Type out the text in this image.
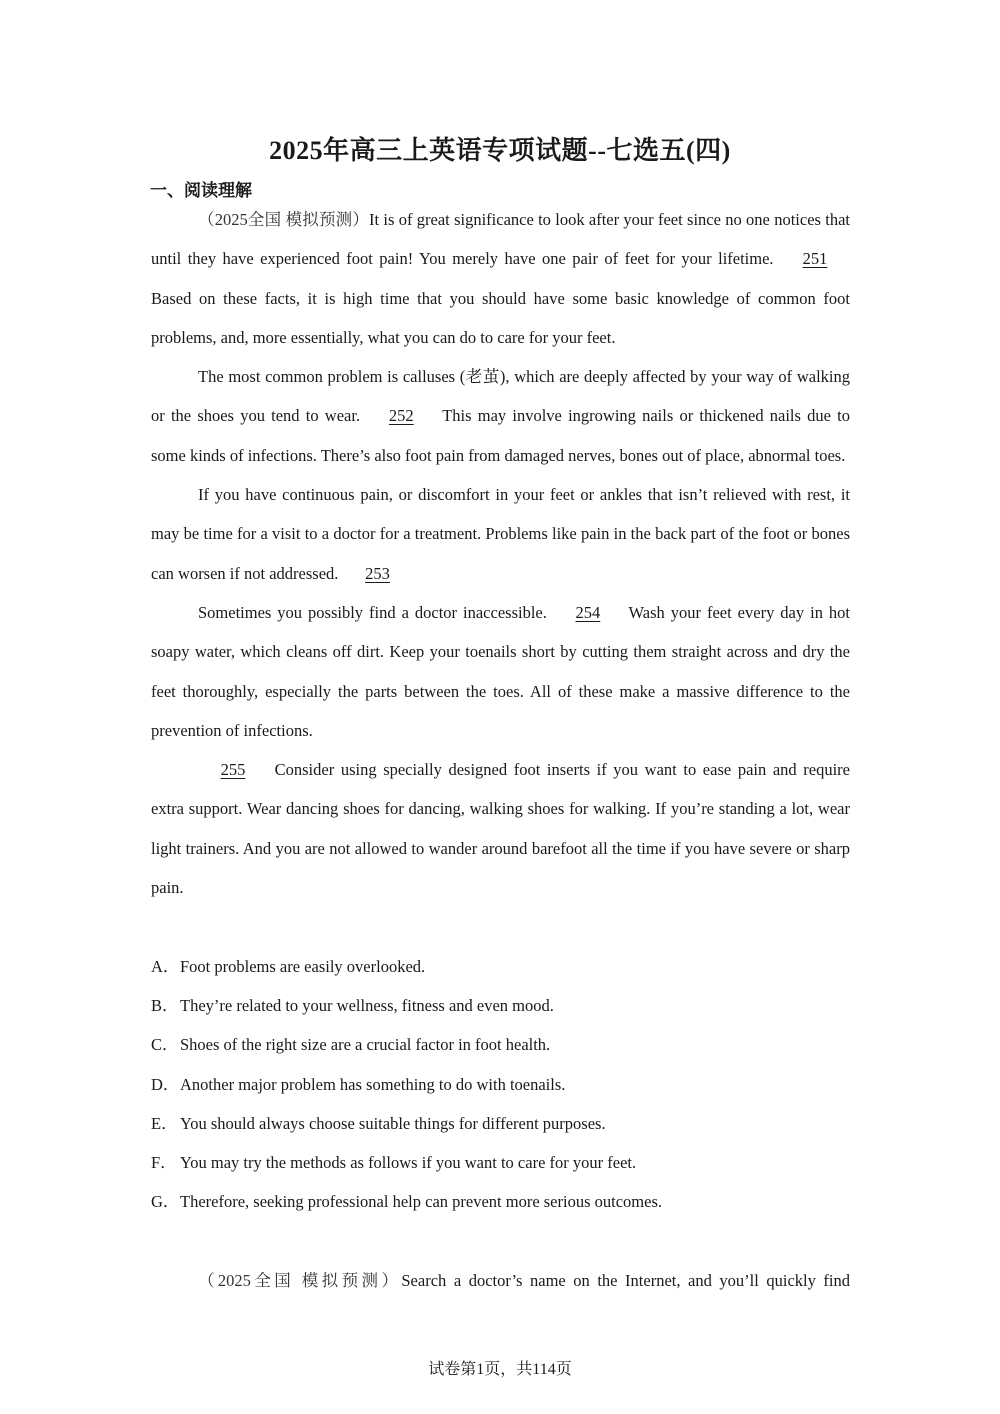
2025年高三上英语专项试题--七选五(四)
一、阅读理解

（2025全国 模拟预测）It is of great significance to look after your feet since no one notices that until they have experienced foot pain! You merely have one pair of feet for your lifetime. 251 Based on these facts, it is high time that you should have some basic knowledge of common foot problems, and, more essentially, what you can do to care for your feet.

The most common problem is calluses (老茧), which are deeply affected by your way of walking or the shoes you tend to wear. 252 This may involve ingrowing nails or thickened nails due to some kinds of infections. There’s also foot pain from damaged nerves, bones out of place, abnormal toes.

If you have continuous pain, or discomfort in your feet or ankles that isn’t relieved with rest, it may be time for a visit to a doctor for a treatment. Problems like pain in the back part of the foot or bones can worsen if not addressed. 253

Sometimes you possibly find a doctor inaccessible. 254 Wash your feet every day in hot soapy water, which cleans off dirt. Keep your toenails short by cutting them straight across and dry the feet thoroughly, especially the parts between the toes. All of these make a massive difference to the prevention of infections.

255 Consider using specially designed foot inserts if you want to ease pain and require extra support. Wear dancing shoes for dancing, walking shoes for walking. If you’re standing a lot, wear light trainers. And you are not allowed to wander around barefoot all the time if you have severe or sharp pain.

A．Foot problems are easily overlooked.

B．They’re related to your wellness, fitness and even mood.

C．Shoes of the right size are a crucial factor in foot health.

D．Another major problem has something to do with toenails.

E． You should always choose suitable things for different purposes.

F． You may try the methods as follows if you want to care for your feet.

G．Therefore, seeking professional help can prevent more serious outcomes.

（2025全国 模拟预测）Search a doctor’s name on the Internet, and you’ll quickly find

试卷第1页，共114页
